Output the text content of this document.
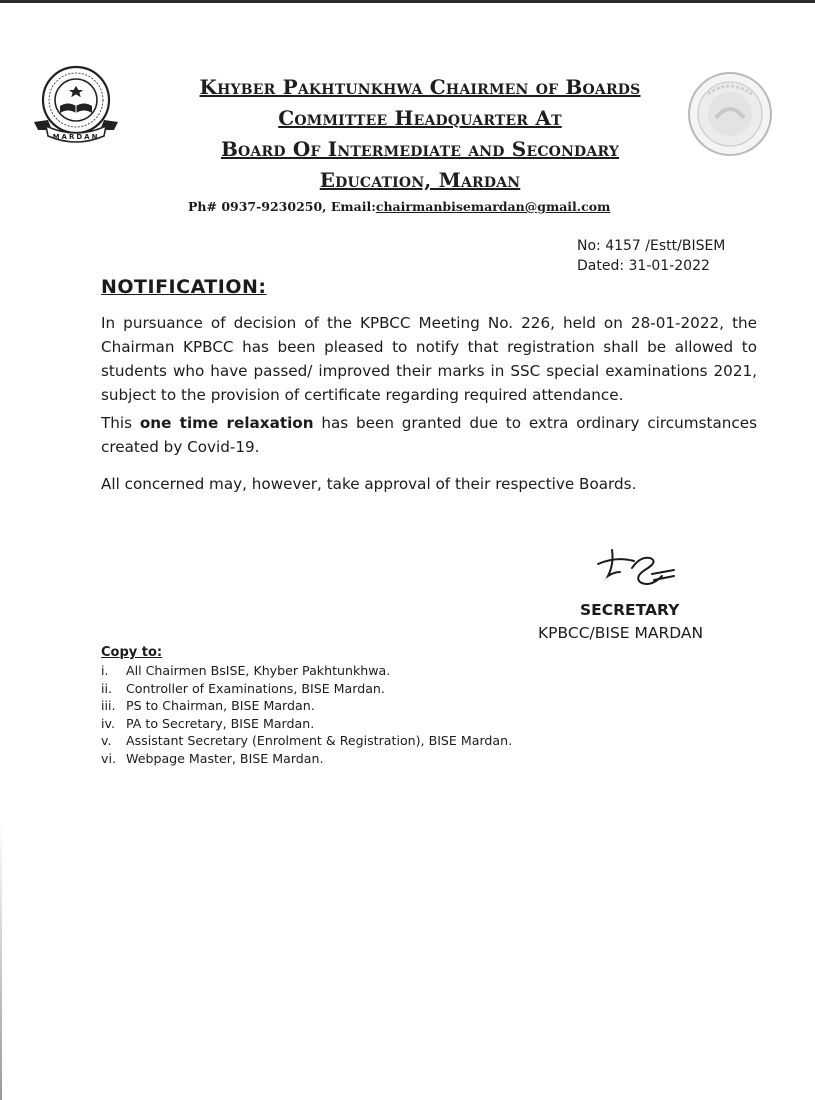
MARDAN
Khyber Pakhtunkhwa Chairmen of Boards
Committee Headquarter At
Board Of Intermediate and Secondary
Education, Mardan
Ph# 0937-9230250, Email:chairmanbisemardan@gmail.com
No: 4157 /Estt/BISEM
Dated: 31-01-2022
NOTIFICATION:
In pursuance of decision of the KPBCC Meeting No. 226, held on 28-01-2022, the Chairman KPBCC has been pleased to notify that registration shall be allowed to students who have passed/ improved their marks in SSC special examinations 2021, subject to the provision of certificate regarding required attendance.
This one time relaxation has been granted due to extra ordinary circumstances created by Covid-19.
All concerned may, however, take approval of their respective Boards.
SECRETARY
KPBCC/BISE MARDAN
Copy to:
i. All Chairmen BsISE, Khyber Pakhtunkhwa.
ii. Controller of Examinations, BISE Mardan.
iii. PS to Chairman, BISE Mardan.
iv. PA to Secretary, BISE Mardan.
v. Assistant Secretary (Enrolment & Registration), BISE Mardan.
vi. Webpage Master, BISE Mardan.
